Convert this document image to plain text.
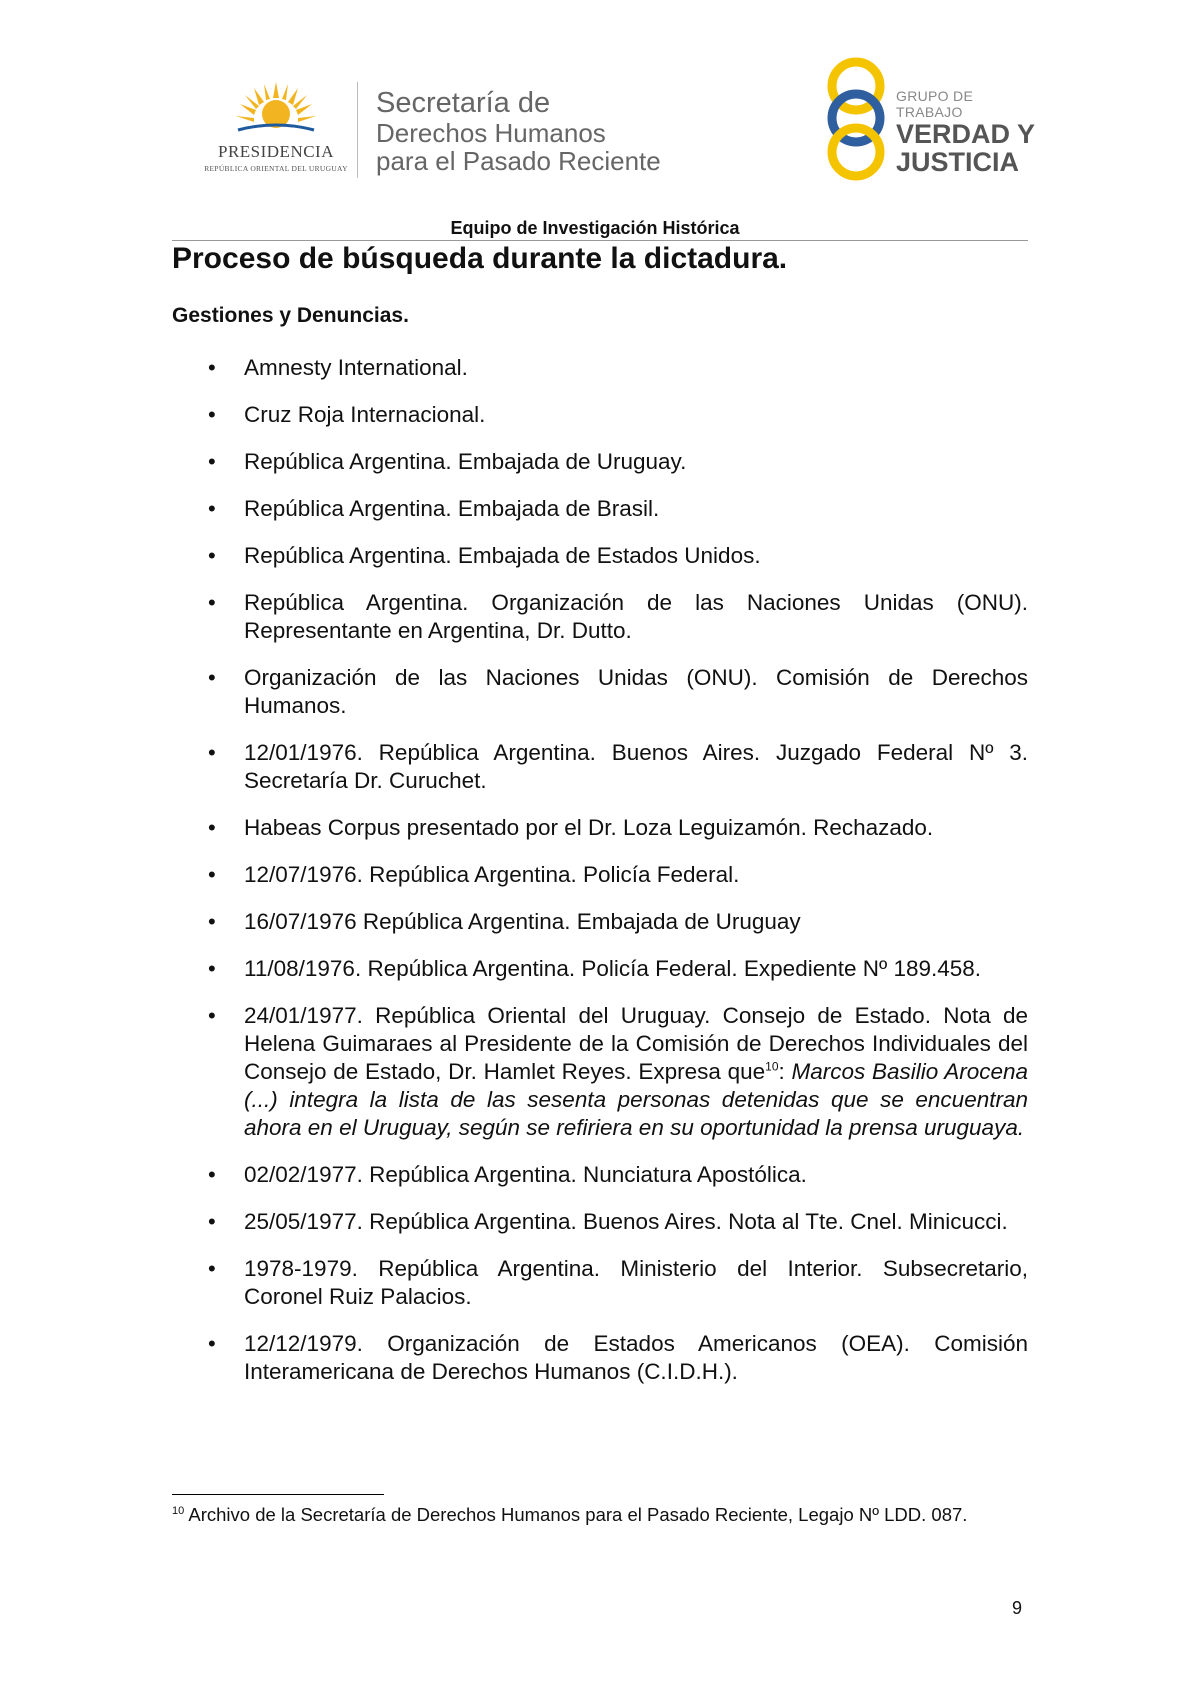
PRESIDENCIA
REPÚBLICA ORIENTAL DEL URUGUAY
Secretaría de
Derechos Humanos
para el Pasado Reciente
GRUPO DE TRABAJO
VERDAD Y
JUSTICIA
Equipo de Investigación Histórica
Proceso de búsqueda durante la dictadura.
Gestiones y Denuncias.
• Amnesty International.
• Cruz Roja Internacional.
• República Argentina. Embajada de Uruguay.
• República Argentina. Embajada de Brasil.
• República Argentina. Embajada de Estados Unidos.
• República Argentina. Organización de las Naciones Unidas (ONU). Representante en Argentina, Dr. Dutto.
• Organización de las Naciones Unidas (ONU). Comisión de Derechos Humanos.
• 12/01/1976. República Argentina. Buenos Aires. Juzgado Federal Nº 3. Secretaría Dr. Curuchet.
• Habeas Corpus presentado por el Dr. Loza Leguizamón. Rechazado.
• 12/07/1976. República Argentina. Policía Federal.
• 16/07/1976 República Argentina. Embajada de Uruguay
• 11/08/1976. República Argentina. Policía Federal. Expediente Nº 189.458.
• 24/01/1977. República Oriental del Uruguay. Consejo de Estado. Nota de Helena Guimaraes al Presidente de la Comisión de Derechos Individuales del Consejo de Estado, Dr. Hamlet Reyes. Expresa que$^{10}$: Marcos Basilio Arocena (...) integra la lista de las sesenta personas detenidas que se encuentran ahora en el Uruguay, según se refiriera en su oportunidad la prensa uruguaya.
• 02/02/1977. República Argentina. Nunciatura Apostólica.
• 25/05/1977. República Argentina. Buenos Aires. Nota al Tte. Cnel. Minicucci.
• 1978-1979. República Argentina. Ministerio del Interior. Subsecretario, Coronel Ruiz Palacios.
• 12/12/1979. Organización de Estados Americanos (OEA). Comisión Interamericana de Derechos Humanos (C.I.D.H.).
$^{10}$ Archivo de la Secretaría de Derechos Humanos para el Pasado Reciente, Legajo Nº LDD. 087.
9
